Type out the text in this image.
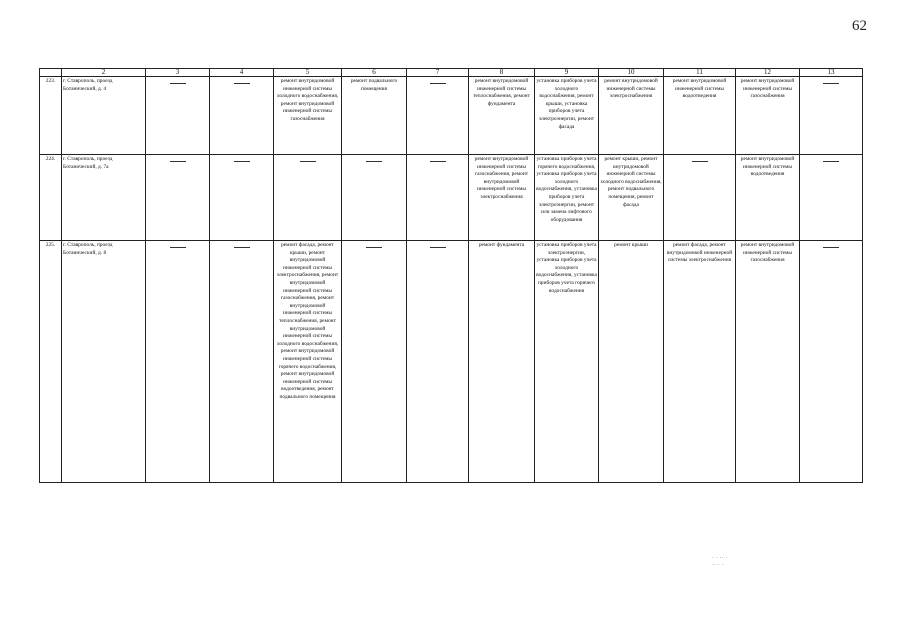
62
	2	3	4	5	6	7	8	9	10	11	12	13
223.	г. Ставрополь, проезд Ботанический, д. 4			ремонт внутридомовой инженерной системы холодного водоснабжения, ремонт внутридомовой инженерной системы газоснабжения	ремонт подвального помещения		ремонт внутридомовой инженерной системы теплоснабжения, ремонт фундамента	установка приборов учета холодного водоснабжения, ремонт крыши, установка приборов учета электроэнергии, ремонт фасада	ремонт внутридомовой инженерной системы электроснабжения	ремонт внутридомовой инженерной системы водоотведения	ремонт внутридомовой инженерной системы газоснабжения	

224.	г. Ставрополь, проезд Ботанический, д. 7а						ремонт внутридомовой инженерной системы газоснабжения, ремонт внутридомовой инженерной системы электроснабжения	установка приборов учета горячего водоснабжения, установка приборов учета холодного водоснабжения, установка приборов учета электроэнергии, ремонт или замена лифтового оборудования	ремонт крыши, ремонт внутридомовой инженерной системы холодного водоснабжения, ремонт подвального помещения, ремонт фасада		ремонт внутридомовой инженерной системы водоотведения	

225.	г. Ставрополь, проезд Ботанический, д. 8			ремонт фасада, ремонт крыши, ремонт внутридомовой инженерной системы электроснабжения, ремонт внутридомовой инженерной системы газоснабжения, ремонт внутридомовой инженерной системы теплоснабжения, ремонт внутридомовой инженерной системы холодного водоснабжения, ремонт внутридомовой инженерной системы горячего водоснабжения, ремонт внутридомовой инженерной системы водоотведения, ремонт подвального помещения			ремонт фундамента	установка приборов учета электроэнергии, установка приборов учета холодного водоснабжения, установка приборов учета горячего водоснабжения	ремонт крыши	ремонт фасада, ремонт внутридомовой инженерной системы электроснабжения	ремонт внутридомовой инженерной системы газоснабжения	
· · ·· ·
·· · ·
